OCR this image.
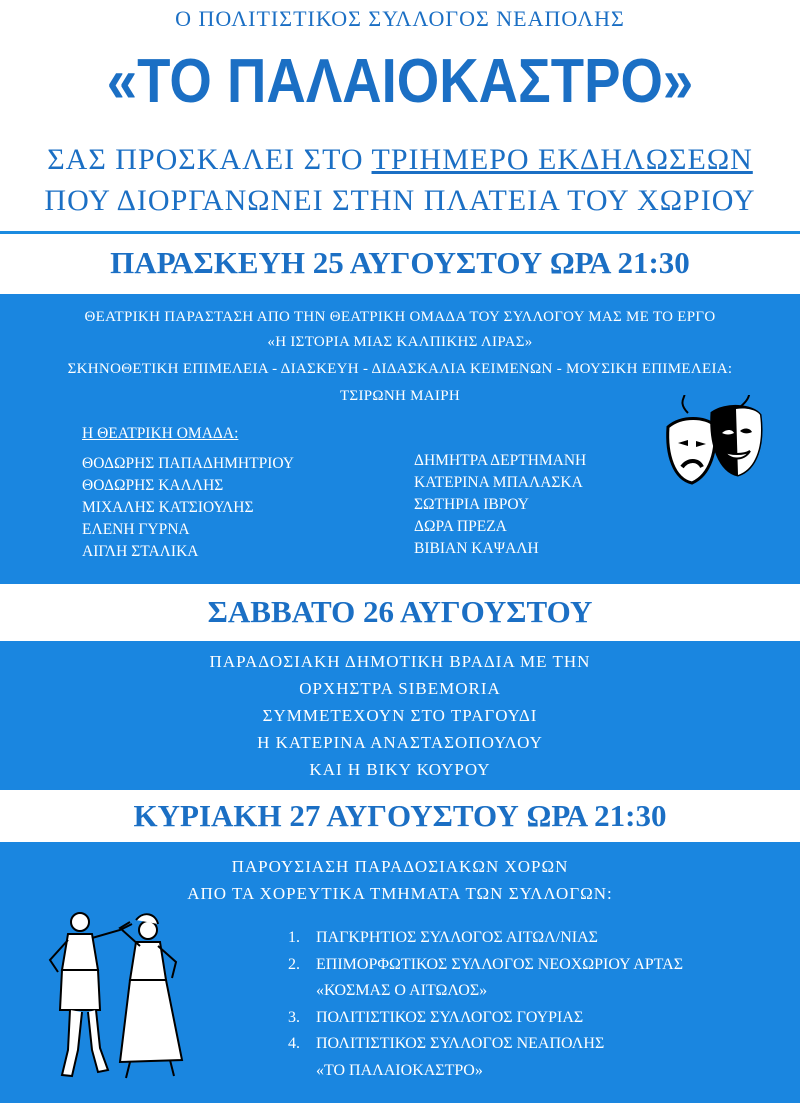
Ο ΠΟΛΙΤΙΣΤΙΚΟΣ ΣΥΛΛΟΓΟΣ ΝΕΑΠΟΛΗΣ
«ΤΟ ΠΑΛΑΙΟΚΑΣΤΡΟ»
ΣΑΣ ΠΡΟΣΚΑΛΕΙ ΣΤΟ ΤΡΙΗΜΕΡΟ ΕΚΔΗΛΩΣΕΩΝ
ΠΟΥ ΔΙΟΡΓΑΝΩΝΕΙ ΣΤΗΝ ΠΛΑΤΕΙΑ ΤΟΥ ΧΩΡΙΟΥ
ΠΑΡΑΣΚΕΥΗ 25 ΑΥΓΟΥΣΤΟΥ ΩΡΑ 21:30
ΘΕΑΤΡΙΚΗ ΠΑΡΑΣΤΑΣΗ ΑΠΟ ΤΗΝ ΘΕΑΤΡΙΚΗ ΟΜΑΔΑ ΤΟΥ ΣΥΛΛΟΓΟΥ ΜΑΣ ΜΕ ΤΟ ΕΡΓΟ
«Η ΙΣΤΟΡΙΑ ΜΙΑΣ ΚΑΛΠΙΚΗΣ ΛΙΡΑΣ»
ΣΚΗΝΟΘΕΤΙΚΗ ΕΠΙΜΕΛΕΙΑ - ΔΙΑΣΚΕΥΗ - ΔΙΔΑΣΚΑΛΙΑ ΚΕΙΜΕΝΩΝ - ΜΟΥΣΙΚΗ ΕΠΙΜΕΛΕΙΑ:
ΤΣΙΡΩΝΗ ΜΑΙΡΗ
Η ΘΕΑΤΡΙΚΗ ΟΜΑΔΑ:
ΘΟΔΩΡΗΣ ΠΑΠΑΔΗΜΗΤΡΙΟΥ
ΘΟΔΩΡΗΣ ΚΑΛΛΗΣ
ΜΙΧΑΛΗΣ ΚΑΤΣΙΟΥΛΗΣ
ΕΛΕΝΗ ΓΥΡΝΑ
ΑΙΓΛΗ ΣΤΑΛΙΚΑ
ΔΗΜΗΤΡΑ ΔΕΡΤΗΜΑΝΗ
ΚΑΤΕΡΙΝΑ ΜΠΑΛΑΣΚΑ
ΣΩΤΗΡΙΑ ΙΒΡΟΥ
ΔΩΡΑ ΠΡΕΖΑ
ΒΙΒΙΑΝ ΚΑΨΑΛΗ
ΣΑΒΒΑΤΟ 26 ΑΥΓΟΥΣΤΟΥ
ΠΑΡΑΔΟΣΙΑΚΗ ΔΗΜΟΤΙΚΗ ΒΡΑΔΙΑ ΜΕ ΤΗΝ
ΟΡΧΗΣΤΡΑ SIBEMORIA
ΣΥΜΜΕΤΕΧΟΥΝ ΣΤΟ ΤΡΑΓΟΥΔΙ
Η ΚΑΤΕΡΙΝΑ ΑΝΑΣΤΑΣΟΠΟΥΛΟΥ
ΚΑΙ Η ΒΙΚΥ ΚΟΥΡΟΥ
ΚΥΡΙΑΚΗ 27 ΑΥΓΟΥΣΤΟΥ ΩΡΑ 21:30
ΠΑΡΟΥΣΙΑΣΗ ΠΑΡΑΔΟΣΙΑΚΩΝ ΧΟΡΩΝ
ΑΠΟ ΤΑ ΧΟΡΕΥΤΙΚΑ ΤΜΗΜΑΤΑ ΤΩΝ ΣΥΛΛΟΓΩΝ:
1. ΠΑΓΚΡΗΤΙΟΣ ΣΥΛΛΟΓΟΣ ΑΙΤΩΛ/ΝΙΑΣ
2. ΕΠΙΜΟΡΦΩΤΙΚΟΣ ΣΥΛΛΟΓΟΣ ΝΕΟΧΩΡΙΟΥ ΑΡΤΑΣ
«ΚΟΣΜΑΣ Ο ΑΙΤΩΛΟΣ»
3. ΠΟΛΙΤΙΣΤΙΚΟΣ ΣΥΛΛΟΓΟΣ ΓΟΥΡΙΑΣ
4. ΠΟΛΙΤΙΣΤΙΚΟΣ ΣΥΛΛΟΓΟΣ ΝΕΑΠΟΛΗΣ
«ΤΟ ΠΑΛΑΙΟΚΑΣΤΡΟ»
